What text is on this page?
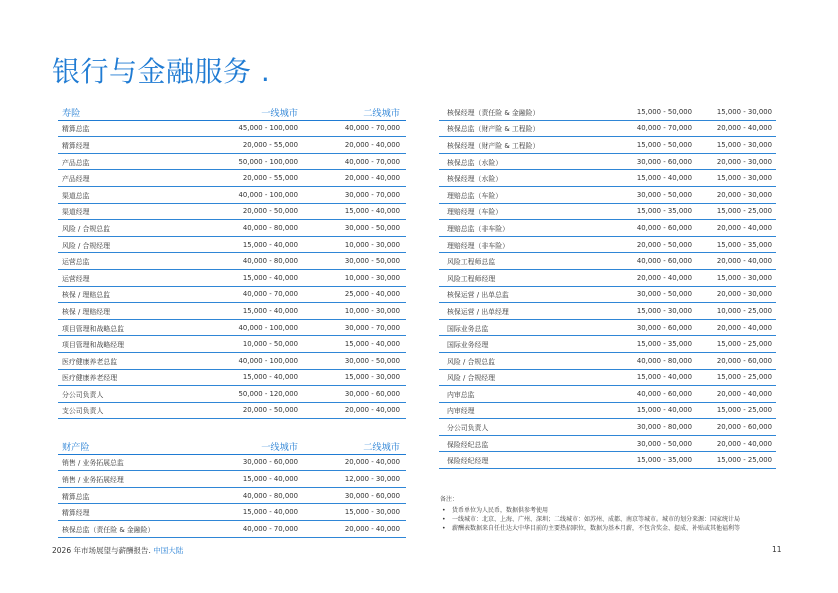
银行与金融服务 .
寿险	一线城市	二线城市
精算总监	45,000 - 100,000	40,000 - 70,000
精算经理	20,000 - 55,000	20,000 - 40,000
产品总监	50,000 - 100,000	40,000 - 70,000
产品经理	20,000 - 55,000	20,000 - 40,000
渠道总监	40,000 - 100,000	30,000 - 70,000
渠道经理	20,000 - 50,000	15,000 - 40,000
风险 / 合规总监	40,000 - 80,000	30,000 - 50,000
风险 / 合规经理	15,000 - 40,000	10,000 - 30,000
运营总监	40,000 - 80,000	30,000 - 50,000
运营经理	15,000 - 40,000	10,000 - 30,000
核保 / 理赔总监	40,000 - 70,000	25,000 - 40,000
核保 / 理赔经理	15,000 - 40,000	10,000 - 30,000
项目管理和战略总监	40,000 - 100,000	30,000 - 70,000
项目管理和战略经理	10,000 - 50,000	15,000 - 40,000
医疗健康养老总监	40,000 - 100,000	30,000 - 50,000
医疗健康养老经理	15,000 - 40,000	15,000 - 30,000
分公司负责人	50,000 - 120,000	30,000 - 60,000
支公司负责人	20,000 - 50,000	20,000 - 40,000
财产险	一线城市	二线城市
销售 / 业务拓展总监	30,000 - 60,000	20,000 - 40,000
销售 / 业务拓展经理	15,000 - 40,000	12,000 - 30,000
精算总监	40,000 - 80,000	30,000 - 60,000
精算经理	15,000 - 40,000	15,000 - 30,000
核保总监（责任险 & 金融险）	40,000 - 70,000	20,000 - 40,000
核保经理（责任险 & 金融险）	15,000 - 50,000	15,000 - 30,000
核保总监（财产险 & 工程险）	40,000 - 70,000	20,000 - 40,000
核保经理（财产险 & 工程险）	15,000 - 50,000	15,000 - 30,000
核保总监（水险）	30,000 - 60,000	20,000 - 30,000
核保经理（水险）	15,000 - 40,000	15,000 - 30,000
理赔总监（车险）	30,000 - 50,000	20,000 - 30,000
理赔经理（车险）	15,000 - 35,000	15,000 - 25,000
理赔总监（非车险）	40,000 - 60,000	20,000 - 40,000
理赔经理（非车险）	20,000 - 50,000	15,000 - 35,000
风险工程师总监	40,000 - 60,000	20,000 - 40,000
风险工程师经理	20,000 - 40,000	15,000 - 30,000
核保运营 / 出单总监	30,000 - 50,000	20,000 - 30,000
核保运营 / 出单经理	15,000 - 30,000	10,000 - 25,000
国际业务总监	30,000 - 60,000	20,000 - 40,000
国际业务经理	15,000 - 35,000	15,000 - 25,000
风险 / 合规总监	40,000 - 80,000	20,000 - 60,000
风险 / 合规经理	15,000 - 40,000	15,000 - 25,000
内审总监	40,000 - 60,000	20,000 - 40,000
内审经理	15,000 - 40,000	15,000 - 25,000
分公司负责人	30,000 - 80,000	20,000 - 60,000
保险经纪总监	30,000 - 50,000	20,000 - 40,000
保险经纪经理	15,000 - 35,000	15,000 - 25,000
备注：
•	货币单位为人民币，数据供参考使用
•	一线城市：北京、上海、广州、深圳；二线城市：如苏州、成都、南京等城市。城市的划分来源：国家统计局
•	薪酬表数据来自任仕达大中华目前的主要热招职位，数据为基本月薪，不包含奖金、提成、补贴或其他福利等
2026 年市场展望与薪酬报告. 中国大陆	11
